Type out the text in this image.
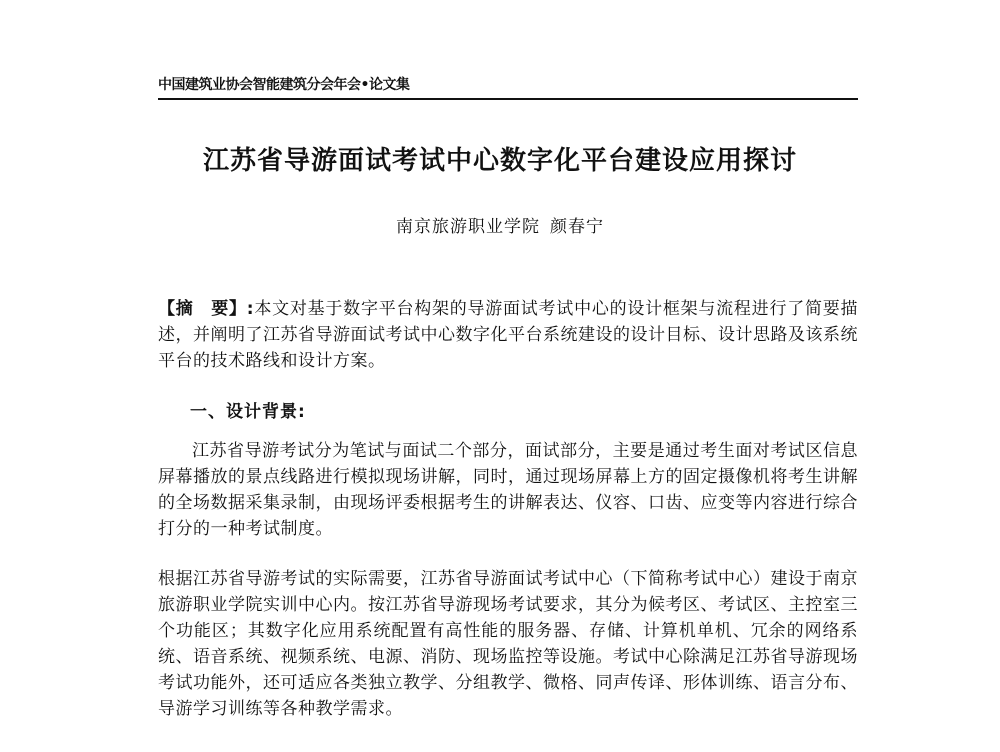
中国建筑业协会智能建筑分会年会•论文集
江苏省导游面试考试中心数字化平台建设应用探讨
南京旅游职业学院 颜春宁

【摘　要】:本文对基于数字平台构架的导游面试考试中心的设计框架与流程进行了简要描述，并阐明了江苏省导游面试考试中心数字化平台系统建设的设计目标、设计思路及该系统平台的技术路线和设计方案。

一、设计背景:

江苏省导游考试分为笔试与面试二个部分，面试部分，主要是通过考生面对考试区信息屏幕播放的景点线路进行模拟现场讲解，同时，通过现场屏幕上方的固定摄像机将考生讲解的全场数据采集录制，由现场评委根据考生的讲解表达、仪容、口齿、应变等内容进行综合打分的一种考试制度。

根据江苏省导游考试的实际需要，江苏省导游面试考试中心（下简称考试中心）建设于南京旅游职业学院实训中心内。按江苏省导游现场考试要求，其分为候考区、考试区、主控室三个功能区；其数字化应用系统配置有高性能的服务器、存储、计算机单机、冗余的网络系统、语音系统、视频系统、电源、消防、现场监控等设施。考试中心除满足江苏省导游现场考试功能外，还可适应各类独立教学、分组教学、微格、同声传译、形体训练、语言分布、导游学习训练等各种教学需求。
